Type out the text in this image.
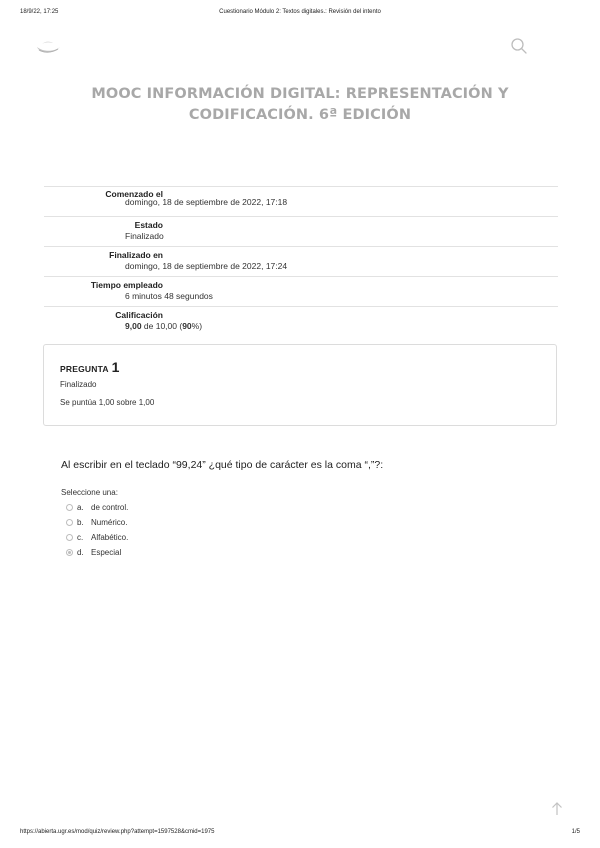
18/9/22, 17:25	Cuestionario Módulo 2: Textos digitales.: Revisión del intento
MOOC INFORMACIÓN DIGITAL: REPRESENTACIÓN Y CODIFICACIÓN. 6ª EDICIÓN
Comenzado el
domingo, 18 de septiembre de 2022, 17:18
Estado
Finalizado
Finalizado en
domingo, 18 de septiembre de 2022, 17:24
Tiempo empleado
6 minutos 48 segundos
Calificación
9,00 de 10,00 (90%)
PREGUNTA 1
Finalizado
Se puntúa 1,00 sobre 1,00
Al escribir en el teclado “99,24” ¿qué tipo de carácter es la coma “,”?:
Seleccione una:
a. de control.
b. Numérico.
c. Alfabético.
d. Especial
https://abierta.ugr.es/mod/quiz/review.php?attempt=1597528&cmid=1975	1/5
